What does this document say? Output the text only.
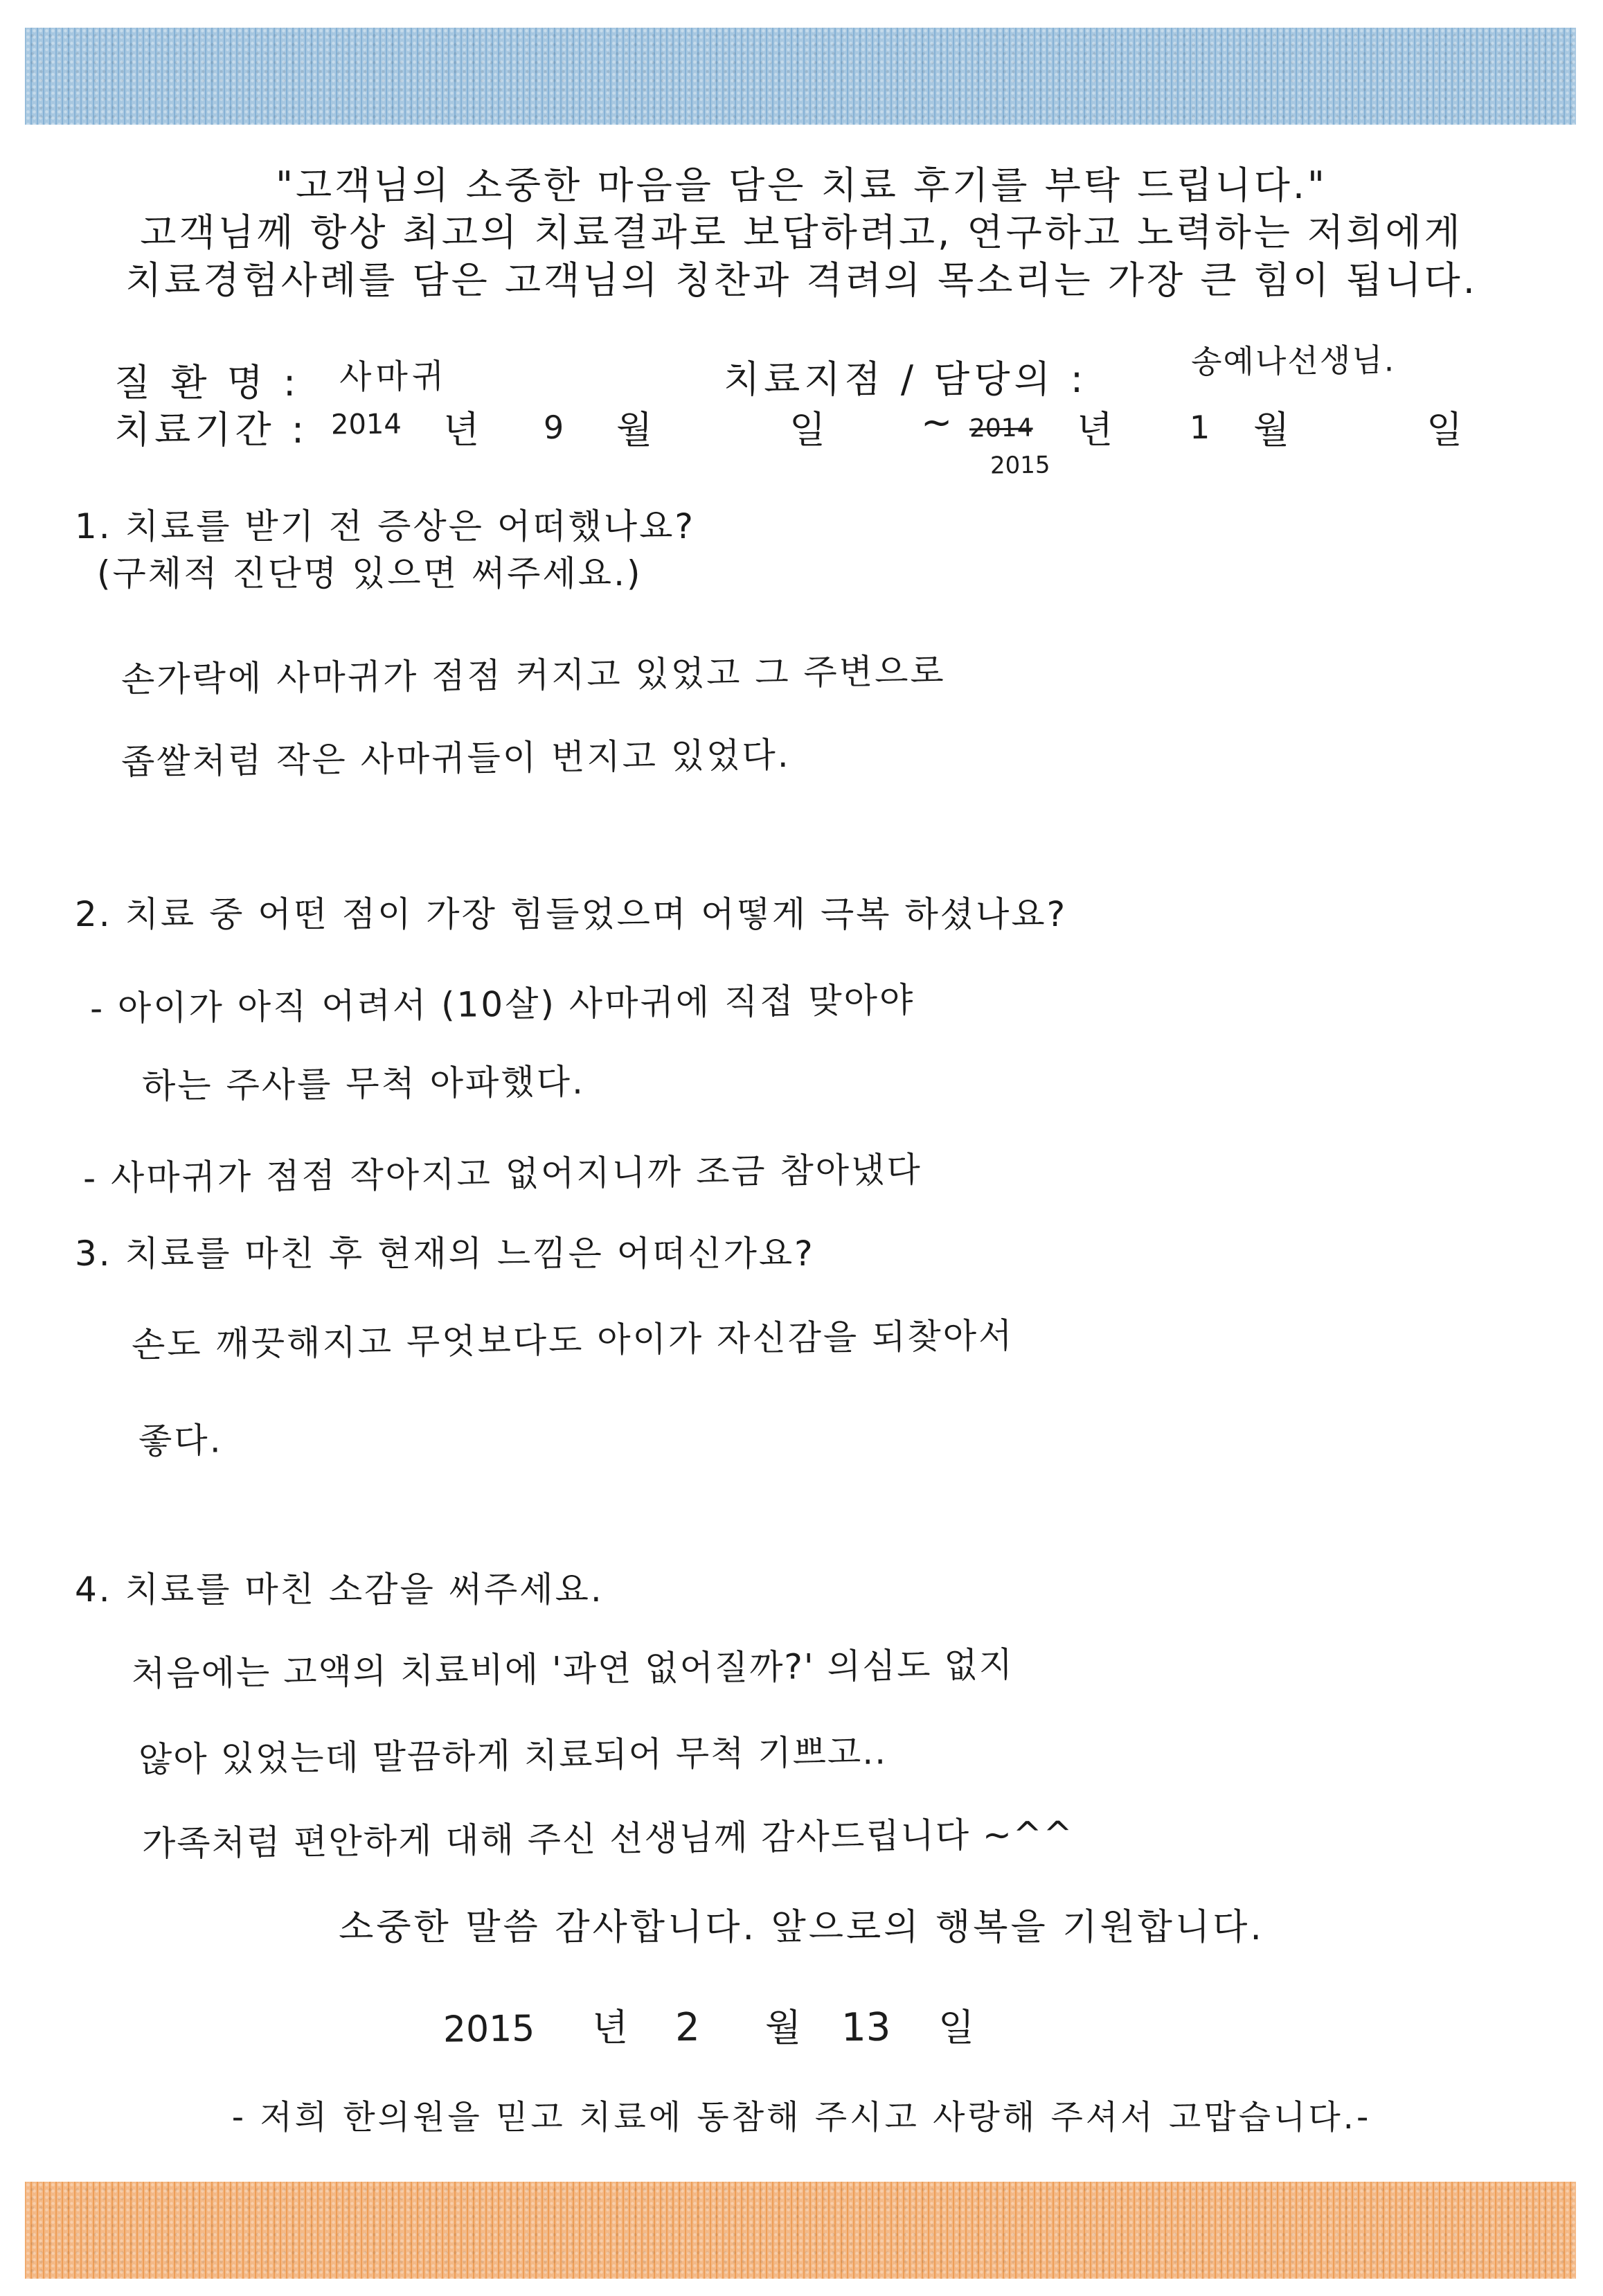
"고객님의 소중한 마음을 담은 치료 후기를 부탁 드립니다."
고객님께 항상 최고의 치료결과로 보답하려고, 연구하고 노력하는 저희에게
치료경험사례를 담은 고객님의 칭찬과 격려의 목소리는 가장 큰 힘이 됩니다.
질 환 명 : 사마귀	치료지점 / 담당의 :	송예나선생님.
치료기간 : 2014 년 9 월	일 ~ 2014
2015
년 1 월	일
1. 치료를 받기 전 증상은 어떠했나요?
(구체적 진단명 있으면 써주세요.)
손가락에 사마귀가 점점 커지고 있었고 그 주변으로
좁쌀처럼 작은 사마귀들이 번지고 있었다.
2. 치료 중 어떤 점이 가장 힘들었으며 어떻게 극복 하셨나요?
- 아이가 아직 어려서 (10살) 사마귀에 직접 맞아야
하는 주사를 무척 아파했다.
- 사마귀가 점점 작아지고 없어지니까 조금 참아냈다
3. 치료를 마친 후 현재의 느낌은 어떠신가요?
손도 깨끗해지고 무엇보다도 아이가 자신감을 되찾아서
좋다.
4. 치료를 마친 소감을 써주세요.
처음에는 고액의 치료비에 '과연 없어질까?' 의심도 없지
않아 있었는데 말끔하게 치료되어 무척 기쁘고..
가족처럼 편안하게 대해 주신 선생님께 감사드립니다 ~^^
소중한 말씀 감사합니다. 앞으로의 행복을 기원합니다.
2015 년 2 월 13 일
- 저희 한의원을 믿고 치료에 동참해 주시고 사랑해 주셔서 고맙습니다.-
